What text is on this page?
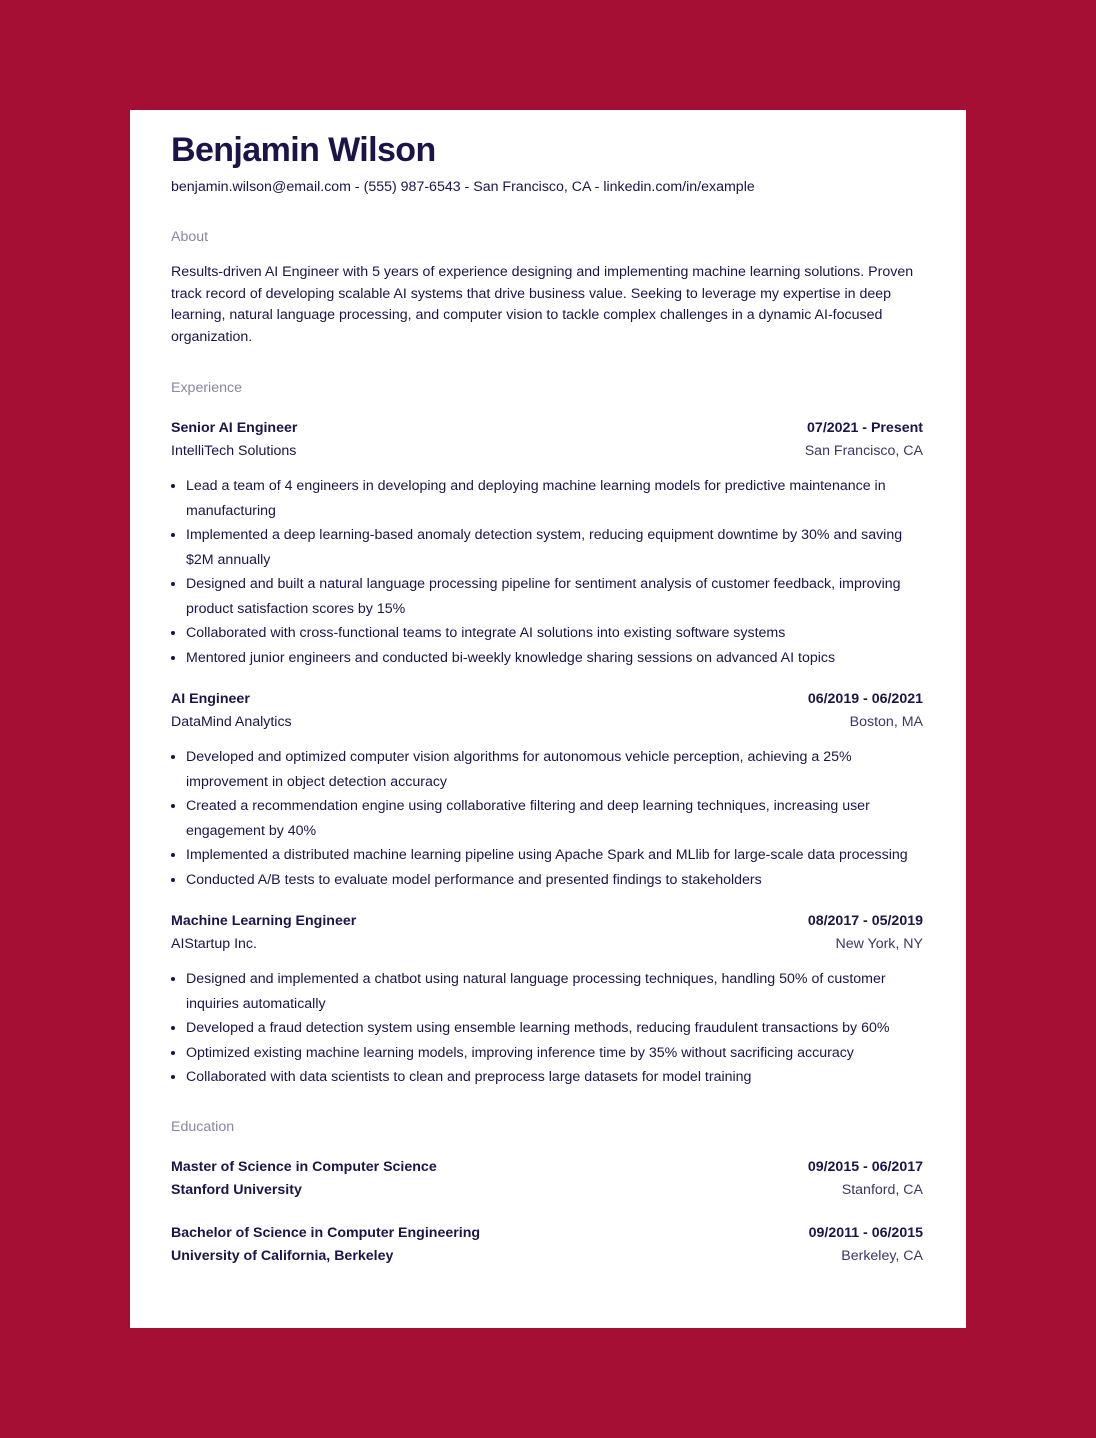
Benjamin Wilson
benjamin.wilson@email.com - (555) 987-6543 - San Francisco, CA - linkedin.com/in/example
About
Results-driven AI Engineer with 5 years of experience designing and implementing machine learning solutions. Proven track record of developing scalable AI systems that drive business value. Seeking to leverage my expertise in deep learning, natural language processing, and computer vision to tackle complex challenges in a dynamic AI-focused organization.
Experience
Senior AI Engineer	07/2021 - Present
IntelliTech Solutions	San Francisco, CA
• Lead a team of 4 engineers in developing and deploying machine learning models for predictive maintenance in manufacturing
• Implemented a deep learning-based anomaly detection system, reducing equipment downtime by 30% and saving $2M annually
• Designed and built a natural language processing pipeline for sentiment analysis of customer feedback, improving product satisfaction scores by 15%
• Collaborated with cross-functional teams to integrate AI solutions into existing software systems
• Mentored junior engineers and conducted bi-weekly knowledge sharing sessions on advanced AI topics
AI Engineer	06/2019 - 06/2021
DataMind Analytics	Boston, MA
• Developed and optimized computer vision algorithms for autonomous vehicle perception, achieving a 25% improvement in object detection accuracy
• Created a recommendation engine using collaborative filtering and deep learning techniques, increasing user engagement by 40%
• Implemented a distributed machine learning pipeline using Apache Spark and MLlib for large-scale data processing
• Conducted A/B tests to evaluate model performance and presented findings to stakeholders
Machine Learning Engineer	08/2017 - 05/2019
AIStartup Inc.	New York, NY
• Designed and implemented a chatbot using natural language processing techniques, handling 50% of customer inquiries automatically
• Developed a fraud detection system using ensemble learning methods, reducing fraudulent transactions by 60%
• Optimized existing machine learning models, improving inference time by 35% without sacrificing accuracy
• Collaborated with data scientists to clean and preprocess large datasets for model training
Education
Master of Science in Computer Science	09/2015 - 06/2017
Stanford University	Stanford, CA
Bachelor of Science in Computer Engineering	09/2011 - 06/2015
University of California, Berkeley	Berkeley, CA
